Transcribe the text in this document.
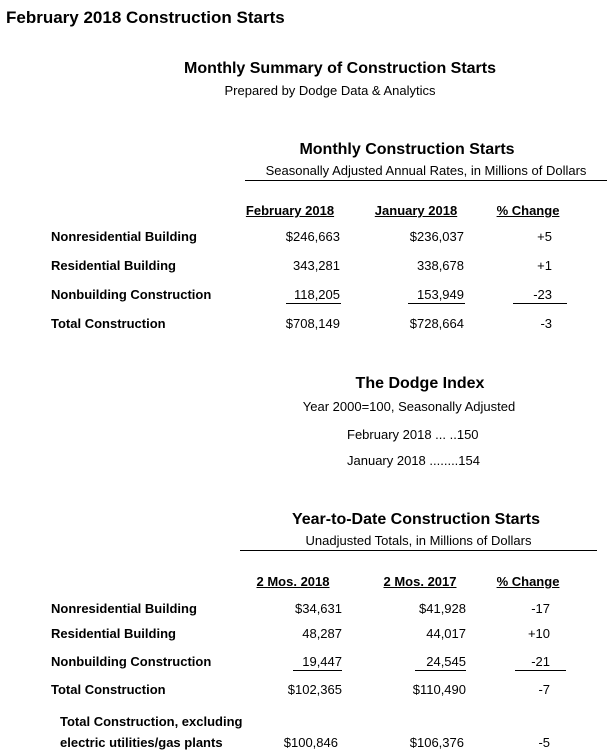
February 2018 Construction Starts
Monthly Summary of Construction Starts
Prepared by Dodge Data & Analytics
Monthly Construction Starts
Seasonally Adjusted Annual Rates, in Millions of Dollars
February 2018	January 2018	% Change
Nonresidential Building	$246,663	$236,037	+5
Residential Building	343,281	338,678	+1
Nonbuilding Construction	118,205	153,949	-23
Total Construction	$708,149	$728,664	-3
The Dodge Index
Year 2000=100, Seasonally Adjusted
February 2018 ... ..150
January 2018 ........154
Year-to-Date Construction Starts
Unadjusted Totals, in Millions of Dollars
2 Mos. 2018	2 Mos. 2017	% Change
Nonresidential Building	$34,631	$41,928	-17
Residential Building	48,287	44,017	+10
Nonbuilding Construction	19,447	24,545	-21
Total Construction	$102,365	$110,490	-7
Total Construction, excluding
electric utilities/gas plants	$100,846	$106,376	-5
